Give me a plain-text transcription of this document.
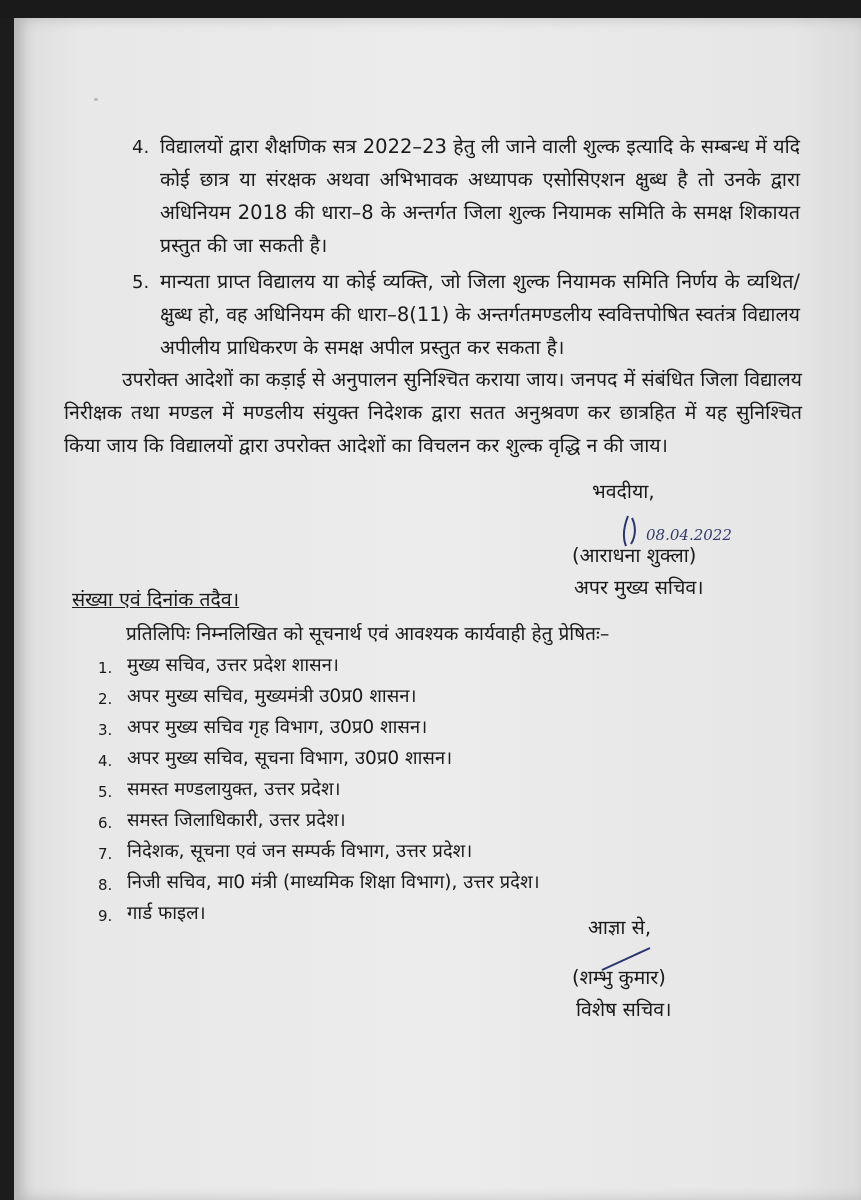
4. विद्यालयों द्वारा शैक्षणिक सत्र 2022–23 हेतु ली जाने वाली शुल्क इत्यादि के सम्बन्ध में यदि कोई छात्र या संरक्षक अथवा अभिभावक अध्यापक एसोसिएशन क्षुब्ध है तो उनके द्वारा अधिनियम 2018 की धारा–8 के अन्तर्गत जिला शुल्क नियामक समिति के समक्ष शिकायत प्रस्तुत की जा सकती है।
5. मान्यता प्राप्त विद्यालय या कोई व्यक्ति, जो जिला शुल्क नियामक समिति निर्णय के व्यथित/क्षुब्ध हो, वह अधिनियम की धारा–8(11) के अन्तर्गतमण्डलीय स्ववित्तपोषित स्वतंत्र विद्यालय अपीलीय प्राधिकरण के समक्ष अपील प्रस्तुत कर सकता है।
उपरोक्त आदेशों का कड़ाई से अनुपालन सुनिश्चित कराया जाय। जनपद में संबंधित जिला विद्यालय निरीक्षक तथा मण्डल में मण्डलीय संयुक्त निदेशक द्वारा सतत अनुश्रवण कर छात्रहित में यह सुनिश्चित किया जाय कि विद्यालयों द्वारा उपरोक्त आदेशों का विचलन कर शुल्क वृद्धि न की जाय।
भवदीया,
08.04.2022
(आराधना शुक्ला)
अपर मुख्य सचिव।
संख्या एवं दिनांक तदैव।
प्रतिलिपिः निम्नलिखित को सूचनार्थ एवं आवश्यक कार्यवाही हेतु प्रेषितः–
1. मुख्य सचिव, उत्तर प्रदेश शासन।
2. अपर मुख्य सचिव, मुख्यमंत्री उ0प्र0 शासन।
3. अपर मुख्य सचिव गृह विभाग, उ0प्र0 शासन।
4. अपर मुख्य सचिव, सूचना विभाग, उ0प्र0 शासन।
5. समस्त मण्डलायुक्त, उत्तर प्रदेश।
6. समस्त जिलाधिकारी, उत्तर प्रदेश।
7. निदेशक, सूचना एवं जन सम्पर्क विभाग, उत्तर प्रदेश।
8. निजी सचिव, मा0 मंत्री (माध्यमिक शिक्षा विभाग), उत्तर प्रदेश।
9. गार्ड फाइल।
आज्ञा से,
(शम्भु कुमार)
विशेष सचिव।
